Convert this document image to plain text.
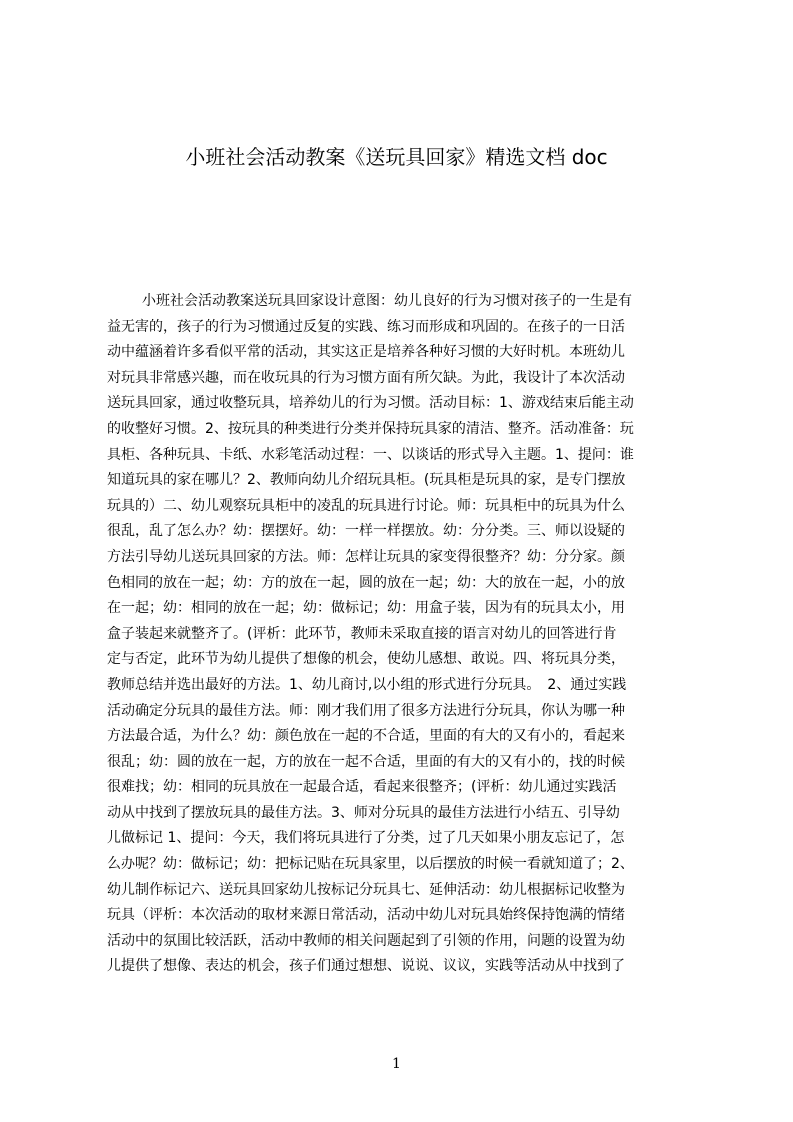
小班社会活动教案《送玩具回家》精选文档 doc
小班社会活动教案送玩具回家设计意图：幼儿良好的行为习惯对孩子的一生是有
益无害的，孩子的行为习惯通过反复的实践、练习而形成和巩固的。在孩子的一日活
动中蕴涵着许多看似平常的活动，其实这正是培养各种好习惯的大好时机。本班幼儿
对玩具非常感兴趣，而在收玩具的行为习惯方面有所欠缺。为此，我设计了本次活动
送玩具回家，通过收整玩具，培养幼儿的行为习惯。活动目标：1、游戏结束后能主动
的收整好习惯。2、按玩具的种类进行分类并保持玩具家的清洁、整齐。活动准备：玩
具柜、各种玩具、卡纸、水彩笔活动过程：一、以谈话的形式导入主题。1、提问：谁
知道玩具的家在哪儿？2、教师向幼儿介绍玩具柜。(玩具柜是玩具的家，是专门摆放
玩具的）二、幼儿观察玩具柜中的凌乱的玩具进行讨论。师：玩具柜中的玩具为什么
很乱，乱了怎么办？幼：摆摆好。幼：一样一样摆放。幼：分分类。三、师以设疑的
方法引导幼儿送玩具回家的方法。师：怎样让玩具的家变得很整齐？幼：分分家。颜
色相同的放在一起；幼：方的放在一起，圆的放在一起；幼：大的放在一起，小的放
在一起；幼：相同的放在一起；幼：做标记；幼：用盒子装，因为有的玩具太小，用
盒子装起来就整齐了。(评析：此环节，教师未采取直接的语言对幼儿的回答进行肯
定与否定，此环节为幼儿提供了想像的机会，使幼儿感想、敢说。四、将玩具分类，
教师总结并选出最好的方法。1、幼儿商讨,以小组的形式进行分玩具。　2、通过实践
活动确定分玩具的最佳方法。师：刚才我们用了很多方法进行分玩具，你认为哪一种
方法最合适，为什么？幼：颜色放在一起的不合适，里面的有大的又有小的，看起来
很乱；幼：圆的放在一起，方的放在一起不合适，里面的有大的又有小的，找的时候
很难找；幼：相同的玩具放在一起最合适，看起来很整齐；(评析：幼儿通过实践活
动从中找到了摆放玩具的最佳方法。3、师对分玩具的最佳方法进行小结五、引导幼
儿做标记 1、提问：今天，我们将玩具进行了分类，过了几天如果小朋友忘记了，怎
么办呢？幼：做标记；幼：把标记贴在玩具家里，以后摆放的时候一看就知道了；2、
幼儿制作标记六、送玩具回家幼儿按标记分玩具七、延伸活动：幼儿根据标记收整为
玩具（评析：本次活动的取材来源日常活动，活动中幼儿对玩具始终保持饱满的情绪
活动中的氛围比较活跃，活动中教师的相关问题起到了引领的作用，问题的设置为幼
儿提供了想像、表达的机会，孩子们通过想想、说说、议议，实践等活动从中找到了
1
